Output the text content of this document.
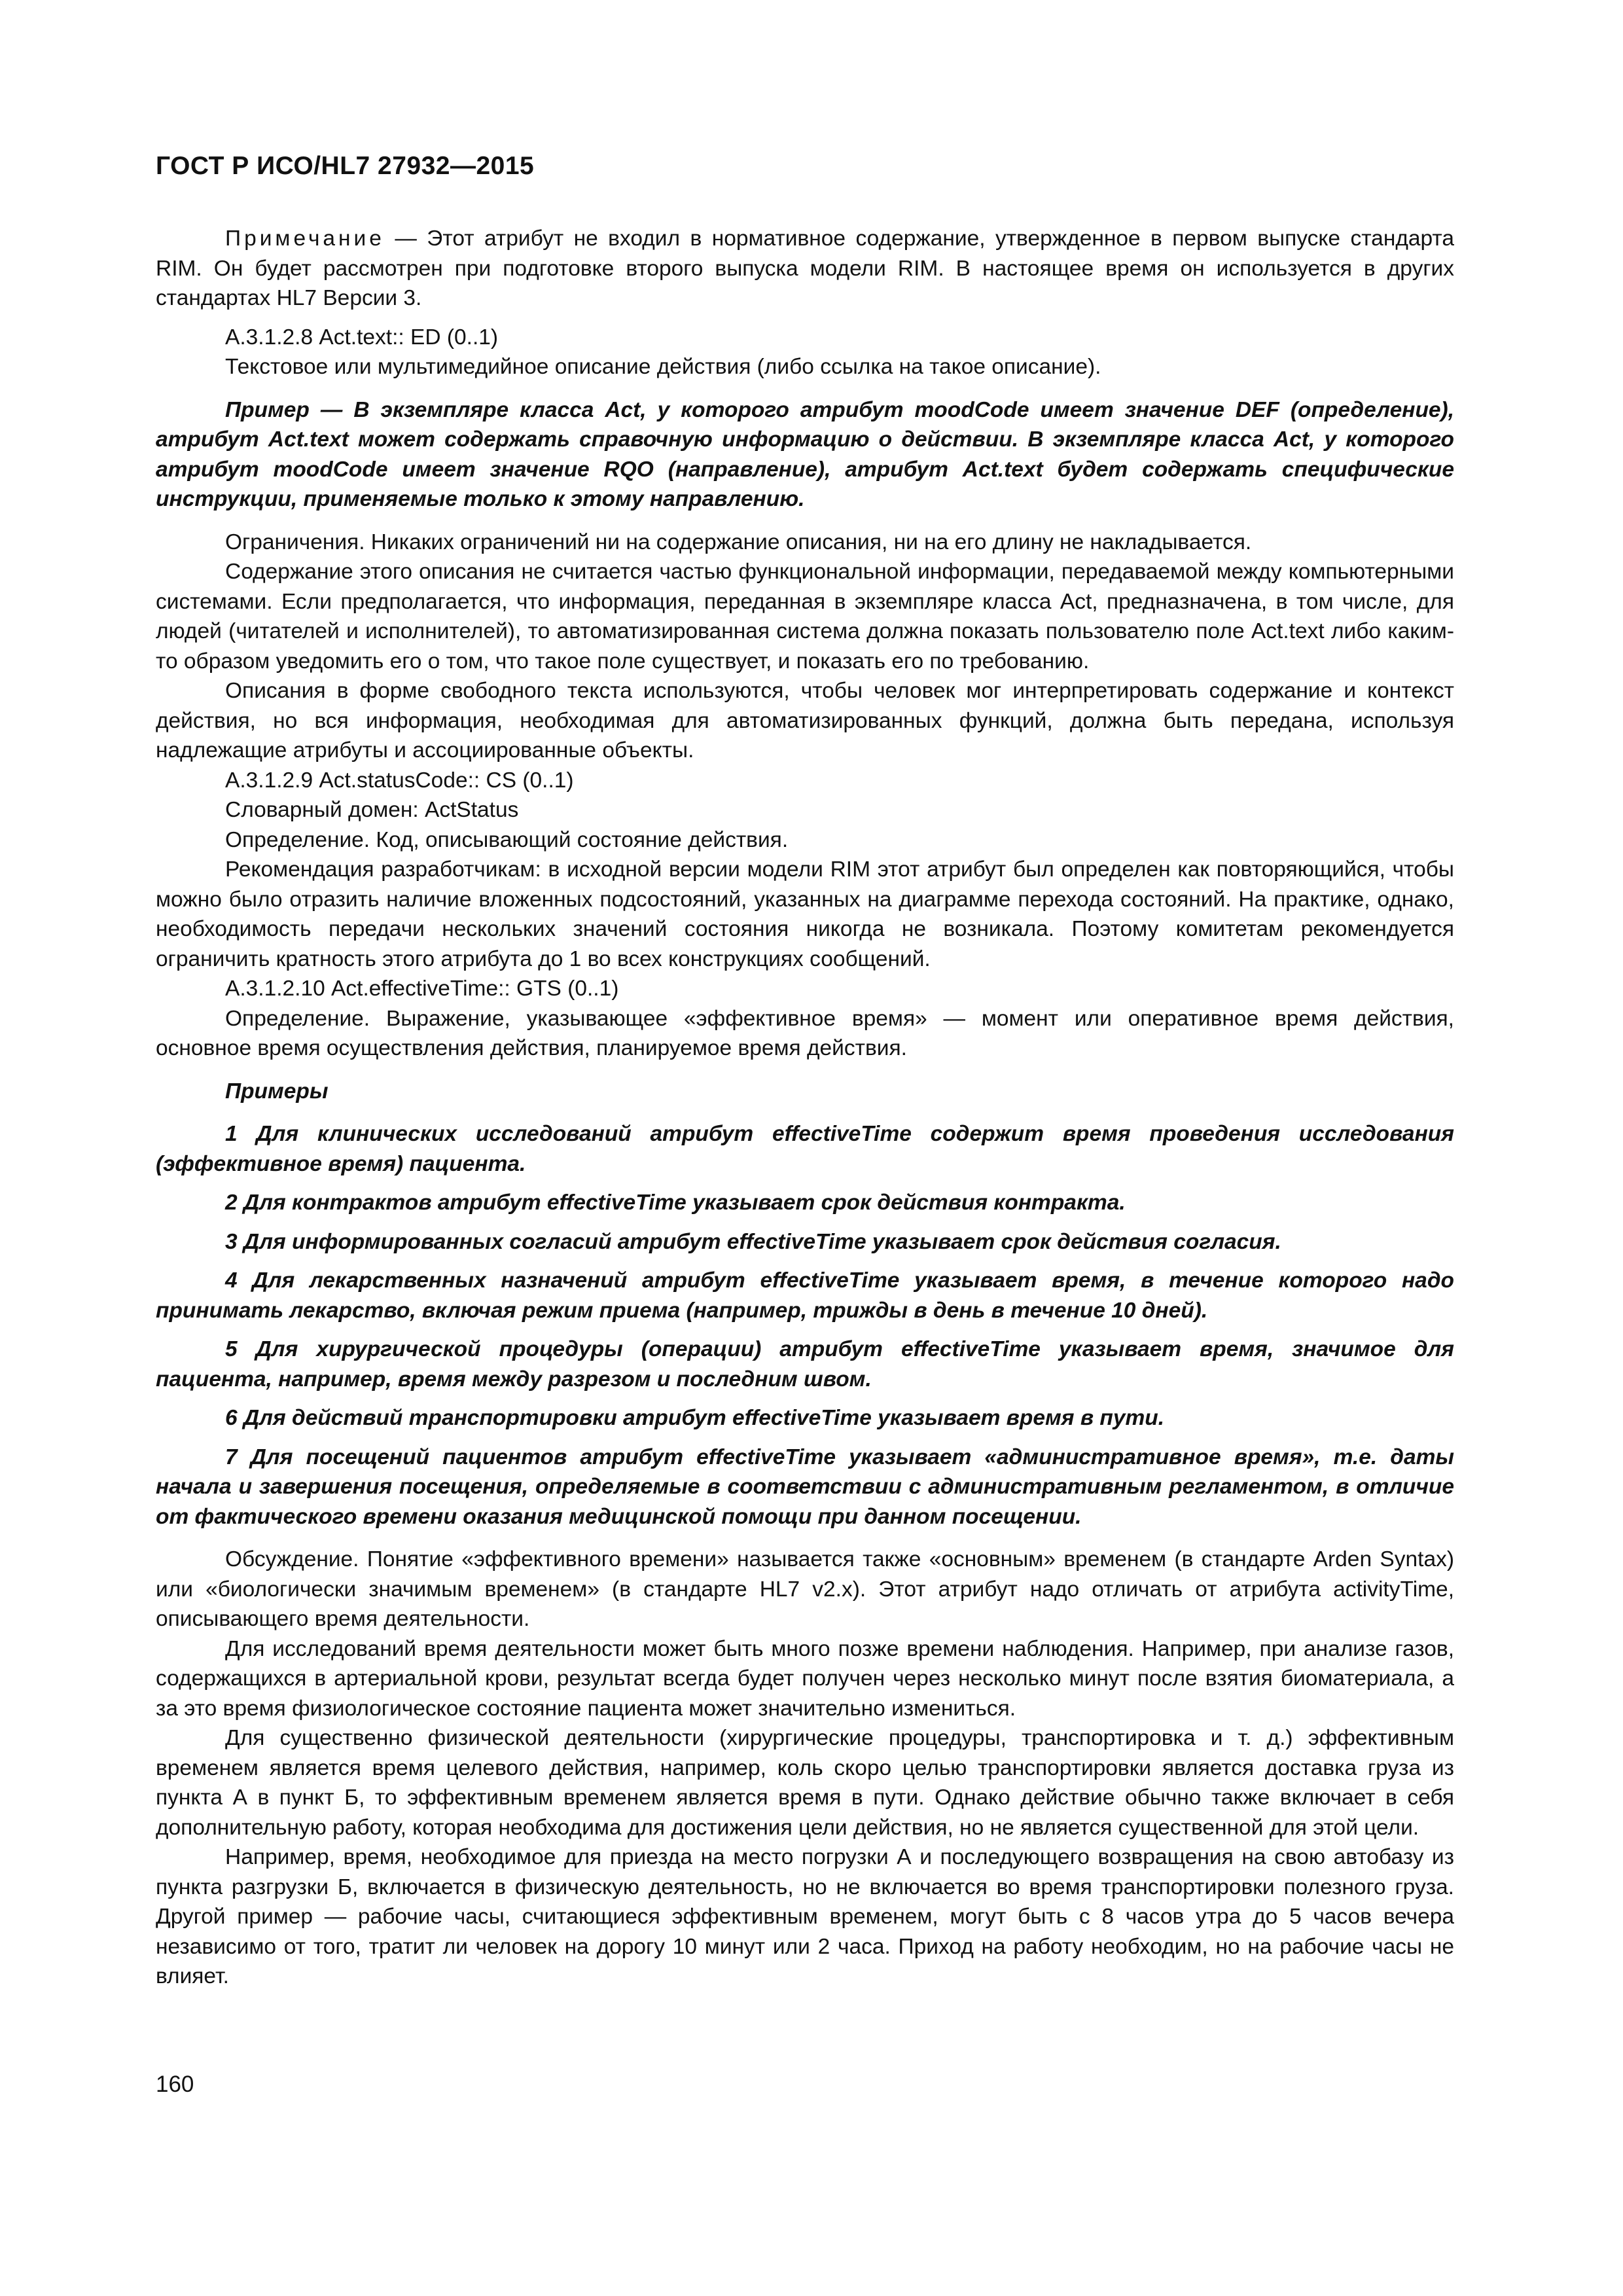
ГОСТ Р ИСО/HL7 27932—2015

Примечание — Этот атрибут не входил в нормативное содержание, утвержденное в первом выпуске стандарта RIM. Он будет рассмотрен при подготовке второго выпуска модели RIM. В настоящее время он используется в других стандартах HL7 Версии 3.

А.3.1.2.8 Act.text:: ED (0..1)

Текстовое или мультимедийное описание действия (либо ссылка на такое описание).

Пример — В экземпляре класса Act, у которого атрибут moodCode имеет значение DEF (определение), атрибут Act.text может содержать справочную информацию о действии. В экземпляре класса Act, у которого атрибут moodCode имеет значение RQO (направление), атрибут Act.text будет содержать специфические инструкции, применяемые только к этому направлению.

Ограничения. Никаких ограничений ни на содержание описания, ни на его длину не накладывается.

Содержание этого описания не считается частью функциональной информации, передаваемой между компьютерными системами. Если предполагается, что информация, переданная в экземпляре класса Act, предназначена, в том числе, для людей (читателей и исполнителей), то автоматизированная система должна показать пользователю поле Act.text либо каким-то образом уведомить его о том, что такое поле существует, и показать его по требованию.

Описания в форме свободного текста используются, чтобы человек мог интерпретировать содержание и контекст действия, но вся информация, необходимая для автоматизированных функций, должна быть передана, используя надлежащие атрибуты и ассоциированные объекты.

А.3.1.2.9 Act.statusCode:: CS (0..1)

Словарный домен: ActStatus

Определение. Код, описывающий состояние действия.

Рекомендация разработчикам: в исходной версии модели RIM этот атрибут был определен как повторяющийся, чтобы можно было отразить наличие вложенных подсостояний, указанных на диаграмме перехода состояний. На практике, однако, необходимость передачи нескольких значений состояния никогда не возникала. Поэтому комитетам рекомендуется ограничить кратность этого атрибута до 1 во всех конструкциях сообщений.

А.3.1.2.10 Act.effectiveTime:: GTS (0..1)

Определение. Выражение, указывающее «эффективное время» — момент или оперативное время действия, основное время осуществления действия, планируемое время действия.

Примеры

1 Для клинических исследований атрибут effectiveTime содержит время проведения исследования (эффективное время) пациента.

2 Для контрактов атрибут effectiveTime указывает срок действия контракта.

3 Для информированных согласий атрибут effectiveTime указывает срок действия согласия.

4 Для лекарственных назначений атрибут effectiveTime указывает время, в течение которого надо принимать лекарство, включая режим приема (например, трижды в день в течение 10 дней).

5 Для хирургической процедуры (операции) атрибут effectiveTime указывает время, значимое для пациента, например, время между разрезом и последним швом.

6 Для действий транспортировки атрибут effectiveTime указывает время в пути.

7 Для посещений пациентов атрибут effectiveTime указывает «административное время», т.е. даты начала и завершения посещения, определяемые в соответствии с административным регламентом, в отличие от фактического времени оказания медицинской помощи при данном посещении.

Обсуждение. Понятие «эффективного времени» называется также «основным» временем (в стандарте Arden Syntax) или «биологически значимым временем» (в стандарте HL7 v2.x). Этот атрибут надо отличать от атрибута activityTime, описывающего время деятельности.

Для исследований время деятельности может быть много позже времени наблюдения. Например, при анализе газов, содержащихся в артериальной крови, результат всегда будет получен через несколько минут после взятия биоматериала, а за это время физиологическое состояние пациента может значительно измениться.

Для существенно физической деятельности (хирургические процедуры, транспортировка и т. д.) эффективным временем является время целевого действия, например, коль скоро целью транспортировки является доставка груза из пункта А в пункт Б, то эффективным временем является время в пути. Однако действие обычно также включает в себя дополнительную работу, которая необходима для достижения цели действия, но не является существенной для этой цели.

Например, время, необходимое для приезда на место погрузки А и последующего возвращения на свою автобазу из пункта разгрузки Б, включается в физическую деятельность, но не включается во время транспортировки полезного груза. Другой пример — рабочие часы, считающиеся эффективным временем, могут быть с 8 часов утра до 5 часов вечера независимо от того, тратит ли человек на дорогу 10 минут или 2 часа. Приход на работу необходим, но на рабочие часы не влияет.

160
